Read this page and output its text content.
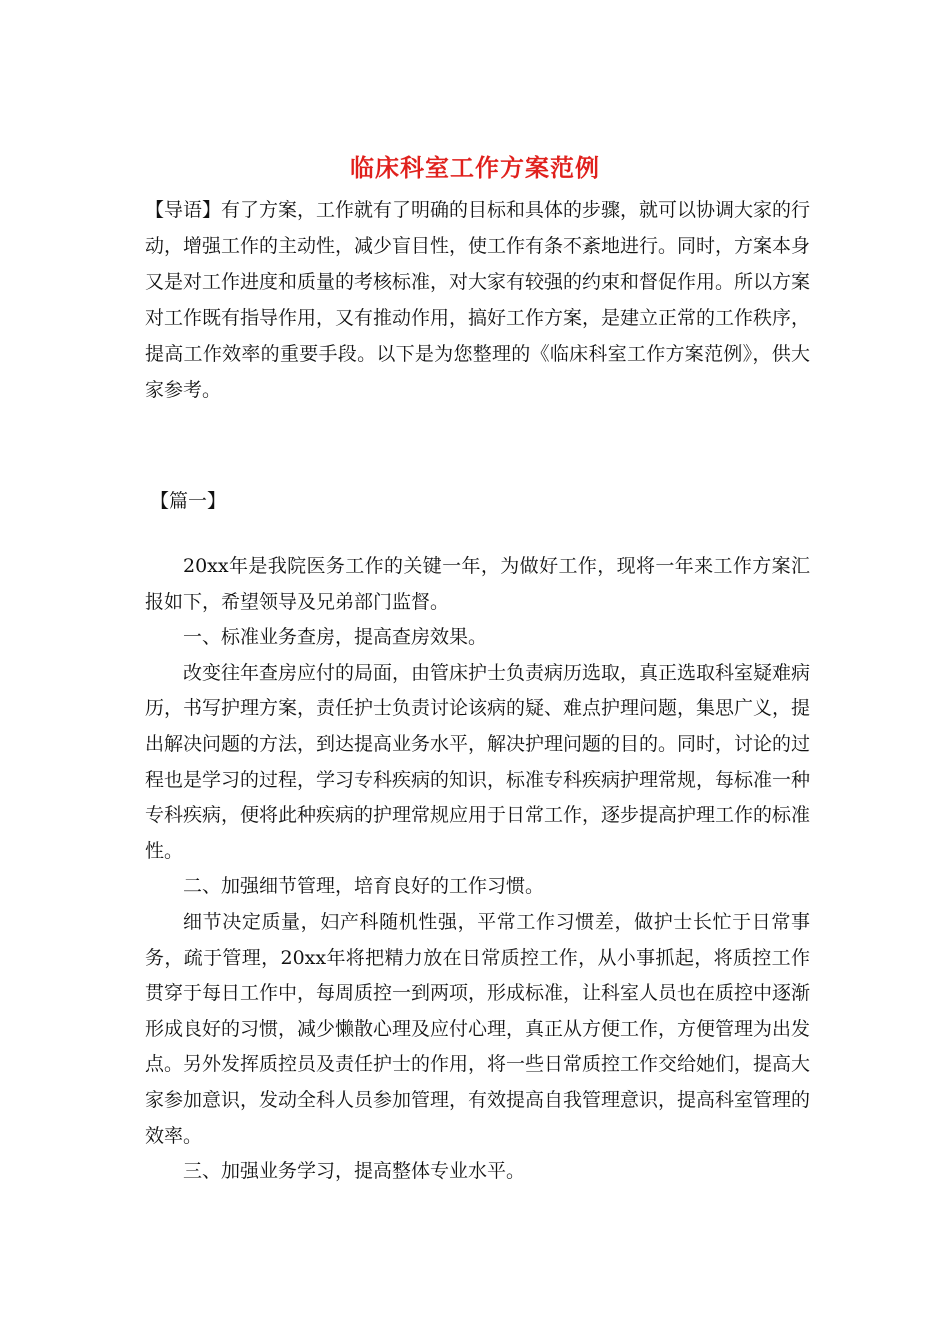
临床科室工作方案范例
【导语】有了方案，工作就有了明确的目标和具体的步骤，就可以协调大家的行动，增强工作的主动性，减少盲目性，使工作有条不紊地进行。同时，方案本身又是对工作进度和质量的考核标准，对大家有较强的约束和督促作用。所以方案对工作既有指导作用，又有推动作用，搞好工作方案，是建立正常的工作秩序，提高工作效率的重要手段。以下是为您整理的《临床科室工作方案范例》，供大家参考。
【篇一】

20xx年是我院医务工作的关键一年，为做好工作，现将一年来工作方案汇报如下，希望领导及兄弟部门监督。

一、标准业务查房，提高查房效果。

改变往年查房应付的局面，由管床护士负责病历选取，真正选取科室疑难病历，书写护理方案，责任护士负责讨论该病的疑、难点护理问题，集思广义，提出解决问题的方法，到达提高业务水平，解决护理问题的目的。同时，讨论的过程也是学习的过程，学习专科疾病的知识，标准专科疾病护理常规，每标准一种专科疾病，便将此种疾病的护理常规应用于日常工作，逐步提高护理工作的标准性。

二、加强细节管理，培育良好的工作习惯。

细节决定质量，妇产科随机性强，平常工作习惯差，做护士长忙于日常事务，疏于管理，20xx年将把精力放在日常质控工作，从小事抓起，将质控工作贯穿于每日工作中，每周质控一到两项，形成标准，让科室人员也在质控中逐渐形成良好的习惯，减少懒散心理及应付心理，真正从方便工作，方便管理为出发点。另外发挥质控员及责任护士的作用，将一些日常质控工作交给她们，提高大家参加意识，发动全科人员参加管理，有效提高自我管理意识，提高科室管理的效率。

三、加强业务学习，提高整体专业水平。
